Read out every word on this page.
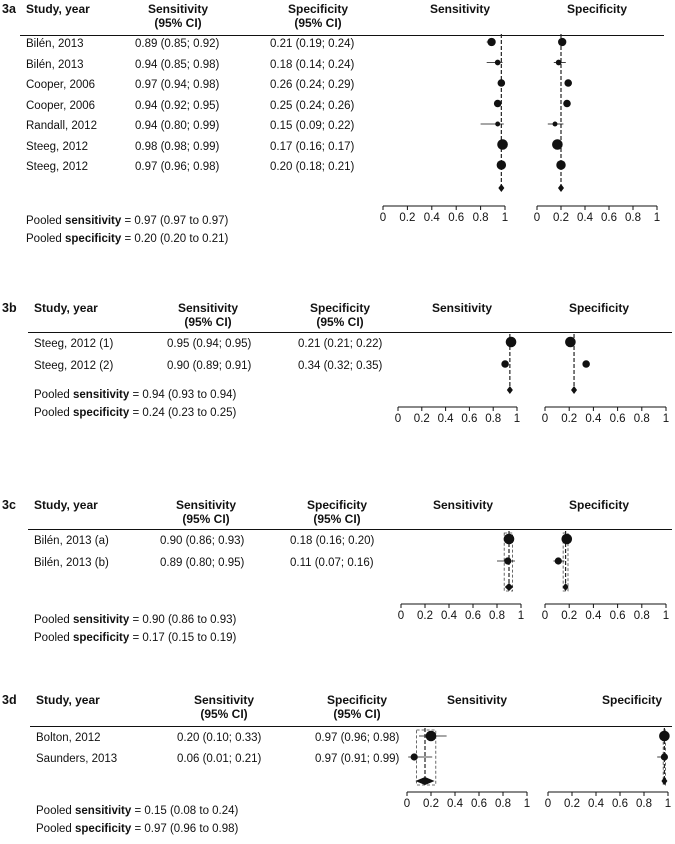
3a Study, year	Sensitivity
(95% CI)
Specificity
(95% CI)
Sensitivity	Specificity
Bilén, 2013	0.89 (0.85; 0.92)	0.21 (0.19; 0.24)
Bilén, 2013	0.94 (0.85; 0.98)	0.18 (0.14; 0.24)
Cooper, 2006	0.97 (0.94; 0.98)	0.26 (0.24; 0.29)
Cooper, 2006	0.94 (0.92; 0.95)	0.25 (0.24; 0.26)
Randall, 2012	0.94 (0.80; 0.99)	0.15 (0.09; 0.22)
Steeg, 2012	0.98 (0.98; 0.99)	0.17 (0.16; 0.17)
Steeg, 2012	0.97 (0.96; 0.98)	0.20 (0.18; 0.21)
Pooled sensitivity = 0.97 (0.97 to 0.97)
Pooled specificity = 0.20 (0.20 to 0.21)
0 0.2 0.4 0.6 0.8 1 0 0.2 0.4 0.6 0.8 1
3b Study, year	Sensitivity
(95% CI)
Specificity
(95% CI)
Sensitivity	Specificity
Steeg, 2012 (1)	0.95 (0.94; 0.95)	0.21 (0.21; 0.22)
Steeg, 2012 (2)	0.90 (0.89; 0.91)	0.34 (0.32; 0.35)
Pooled sensitivity = 0.94 (0.93 to 0.94)
Pooled specificity = 0.24 (0.23 to 0.25)	0 0.2 0.4 0.6 0.8 1 0 0.2 0.4 0.6 0.8 1
3c Study, year	Sensitivity
(95% CI)
Specificity
(95% CI)
Sensitivity	Specificity
Bilén, 2013 (a)	0.90 (0.86; 0.93)	0.18 (0.16; 0.20)
Bilén, 2013 (b)	0.89 (0.80; 0.95)	0.11 (0.07; 0.16)
Pooled sensitivity = 0.90 (0.86 to 0.93)
Pooled specificity = 0.17 (0.15 to 0.19)
0 0.2 0.4 0.6 0.8 1 0 0.2 0.4 0.6 0.8 1
3d Study, year	Sensitivity
(95% CI)
Specificity
(95% CI)
Sensitivity	Specificity
Bolton, 2012	0.20 (0.10; 0.33)	0.97 (0.96; 0.98)
Saunders, 2013	0.06 (0.01; 0.21)	0.97 (0.91; 0.99)
Pooled sensitivity = 0.15 (0.08 to 0.24)
Pooled specificity = 0.97 (0.96 to 0.98)
0 0.2 0.4 0.6 0.8 1 0 0.2 0.4 0.6 0.8 1
